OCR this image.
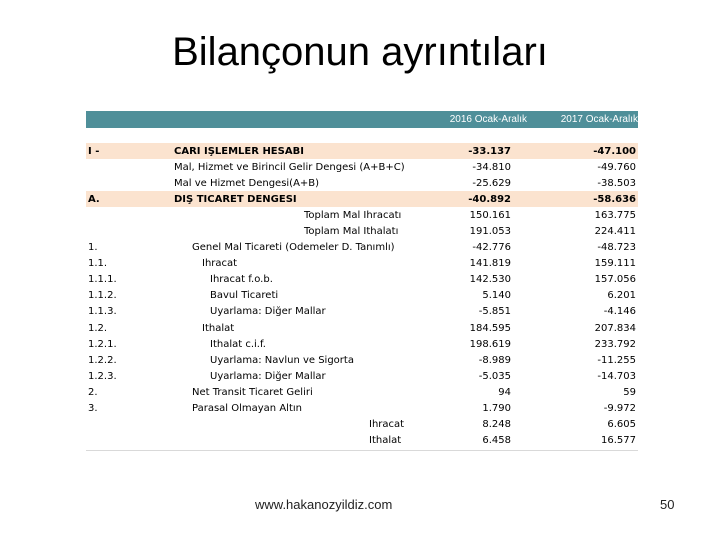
Bilançonun ayrıntıları
2016 Ocak-Aralık	2017 Ocak-Aralık
I -	CARİ İŞLEMLER HESABI	-33.137	-47.100
Mal, Hizmet ve Birincil Gelir Dengesi (A+B+C)	-34.810	-49.760
Mal ve Hizmet Dengesi(A+B)	-25.629	-38.503
A.	DIŞ TİCARET DENGESİ	-40.892	-58.636
Toplam Mal İhracatı	150.161	163.775
Toplam Mal İthalatı	191.053	224.411
1.	Genel Mal Ticareti (Ödemeler D. Tanımlı)	-42.776	-48.723
1.1.	İhracat	141.819	159.111
1.1.1.	İhracat f.o.b.	142.530	157.056
1.1.2.	Bavul Ticareti	5.140	6.201
1.1.3.	Uyarlama: Diğer Mallar	-5.851	-4.146
1.2.	İthalat	184.595	207.834
1.2.1.	İthalat c.i.f.	198.619	233.792
1.2.2.	Uyarlama: Navlun ve Sigorta	-8.989	-11.255
1.2.3.	Uyarlama: Diğer Mallar	-5.035	-14.703
2.	Net Transit Ticaret Geliri	94	59
3.	Parasal Olmayan Altın	1.790	-9.972
İhracat	8.248	6.605
İthalat	6.458	16.577
www.hakanozyildiz.com	50
